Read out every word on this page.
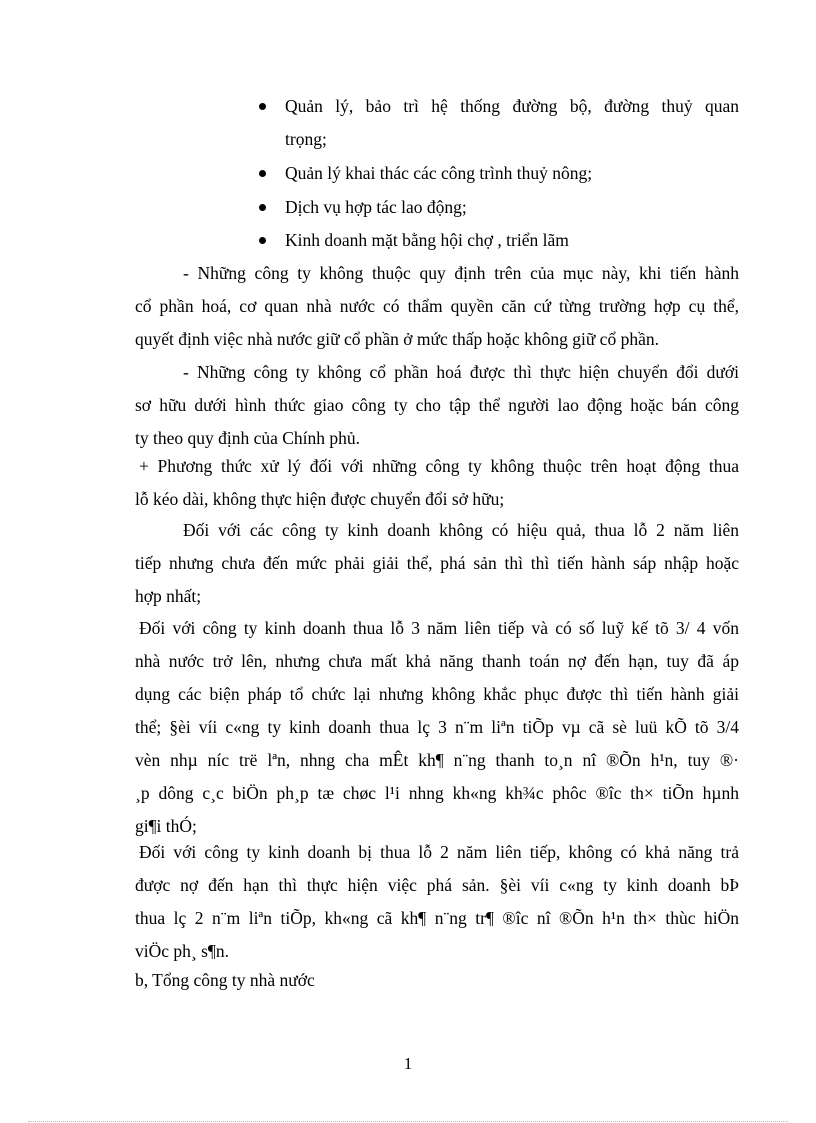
Quản lý, bảo trì hệ thống đường bộ, đường thuỷ quan
trọng;
Quản lý khai thác các công trình thuỷ nông;
Dịch vụ hợp tác lao động;
Kinh doanh mặt bằng hội chợ , triển lãm
- Những công ty không thuộc quy định trên của mục này, khi tiến hành
cổ phần hoá, cơ quan nhà nước có thẩm quyền căn cứ từng trường hợp cụ thể,
quyết định việc nhà nước giữ cổ phần ở mức thấp hoặc không giữ cổ phần.
- Những công ty không cổ phần hoá được thì thực hiện chuyển đổi dưới
sơ hữu dưới hình thức giao công ty cho tập thể người lao động hoặc bán công
ty theo quy định của Chính phủ.
+ Phương thức xử lý đối với những công ty không thuộc trên hoạt động thua
lỗ kéo dài, không thực hiện được chuyển đổi sở hữu;
Đối với các công ty kinh doanh không có hiệu quả, thua lỗ 2 năm liên
tiếp nhưng chưa đến mức phải giải thể, phá sản thì thì tiến hành sáp nhập hoặc
hợp nhất;
Đối với công ty kinh doanh thua lỗ 3 năm liên tiếp và có số luỹ kế tõ 3/ 4 vốn
nhà nước trở lên, nhưng chưa mất khả năng thanh toán nợ đến hạn, tuy đã áp
dụng các biện pháp tổ chức lại nhưng không khắc phục được thì tiến hành giải
thể; §èi víi c«ng ty kinh doanh thua lç 3 n¨m liªn tiÕp vµ cã sè luü kÕ tõ 3/4
vèn nhµ níc trë lªn, nhng cha mÊt kh¶ n¨ng thanh to¸n nî ®Õn h¹n, tuy ®·
¸p dông c¸c biÖn ph¸p tæ chøc l¹i nhng kh«ng kh¾c phôc ®îc th× tiÕn hµnh
gi¶i thÓ;
Đối với công ty kinh doanh bị thua lỗ 2 năm liên tiếp, không có khả năng trả
được nợ đến hạn thì thực hiện việc phá sản. §èi víi c«ng ty kinh doanh bÞ
thua lç 2 n¨m liªn tiÕp, kh«ng cã kh¶ n¨ng tr¶ ®îc nî ®Õn h¹n th× thùc hiÖn
viÖc ph¸ s¶n.
b, Tổng công ty nhà nước
1
